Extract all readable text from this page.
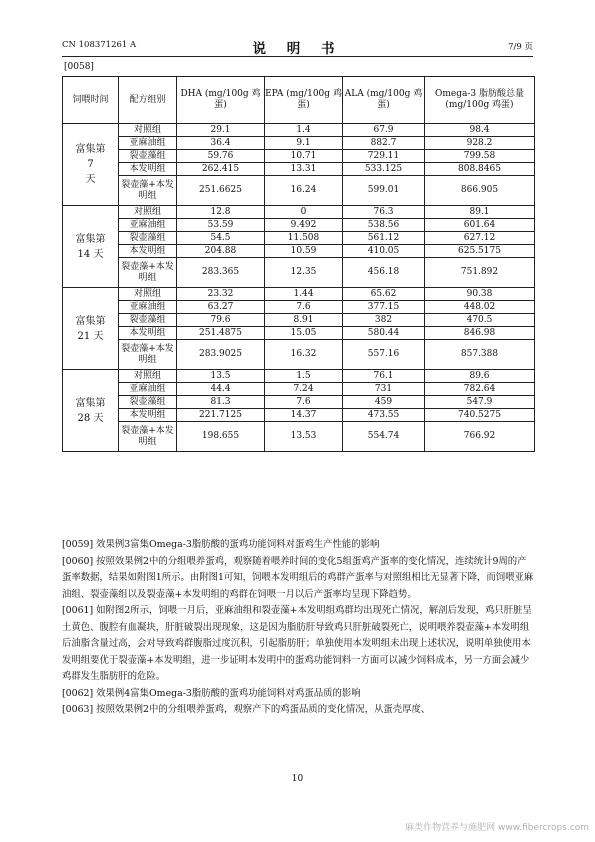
CN 108371261 A	说 明 书	7/9 页
[0058]
饲喂时间	配方组别	DHA (mg/100g 鸡蛋)	EPA (mg/100g 鸡蛋)	ALA (mg/100g 鸡蛋)	Omega-3 脂肪酸总量 (mg/100g 鸡蛋)

富集第
7
天	对照组	29.1	1.4	67.9	98.4
	亚麻油组	36.4	9.1	882.7	928.2
	裂壶藻组	59.76	10.71	729.11	799.58
	本发明组	262.415	13.31	533.125	808.8465
	裂壶藻+本发明组	251.6625	16.24	599.01	866.905

富集第
14 天	对照组	12.8	0	76.3	89.1
	亚麻油组	53.59	9.492	538.56	601.64
	裂壶藻组	54.5	11.508	561.12	627.12
	本发明组	204.88	10.59	410.05	625.5175
	裂壶藻+本发明组	283.365	12.35	456.18	751.892

富集第
21 天	对照组	23.32	1.44	65.62	90.38
	亚麻油组	63.27	7.6	377.15	448.02
	裂壶藻组	79.6	8.91	382	470.5
	本发明组	251.4875	15.05	580.44	846.98
	裂壶藻+本发明组	283.9025	16.32	557.16	857.388

富集第
28 天	对照组	13.5	1.5	76.1	89.6
	亚麻油组	44.4	7.24	731	782.64
	裂壶藻组	81.3	7.6	459	547.9
	本发明组	221.7125	14.37	473.55	740.5275
	裂壶藻+本发明组	198.655	13.53	554.74	766.92

[0059] 效果例3富集Omega-3脂肪酸的蛋鸡功能饲料对蛋鸡生产性能的影响

[0060] 按照效果例2中的分组喂养蛋鸡，观察随着喂养时间的变化5组蛋鸡产蛋率的变化情况，连续统计9周的产蛋率数据，结果如附图1所示。由附图1可知，饲喂本发明组后的鸡群产蛋率与对照组相比无显著下降，而饲喂亚麻油组、裂壶藻组以及裂壶藻+本发明组的鸡群在饲喂一月以后产蛋率均呈现下降趋势。

[0061] 如附图2所示，饲喂一月后，亚麻油组和裂壶藻+本发明组鸡群均出现死亡情况，解剖后发现，鸡只肝脏呈土黄色、腹腔有血凝块，肝脏破裂出现现象，这是因为脂肪肝导致鸡只肝脏破裂死亡，说明喂养裂壶藻+本发明组后油脂含量过高，会对导致鸡群腹脂过度沉积，引起脂肪肝；单独使用本发明组未出现上述状况，说明单独使用本发明组要优于裂壶藻+本发明组，进一步证明本发明中的蛋鸡功能饲料一方面可以减少饲料成本，另一方面会减少鸡群发生脂肪肝的危险。

[0062] 效果例4富集Omega-3脂肪酸的蛋鸡功能饲料对鸡蛋品质的影响

[0063] 按照效果例2中的分组喂养蛋鸡，观察产下的鸡蛋品质的变化情况，从蛋壳厚度、

10
麻类作物营养与施肥网 www.fibercrops.com
